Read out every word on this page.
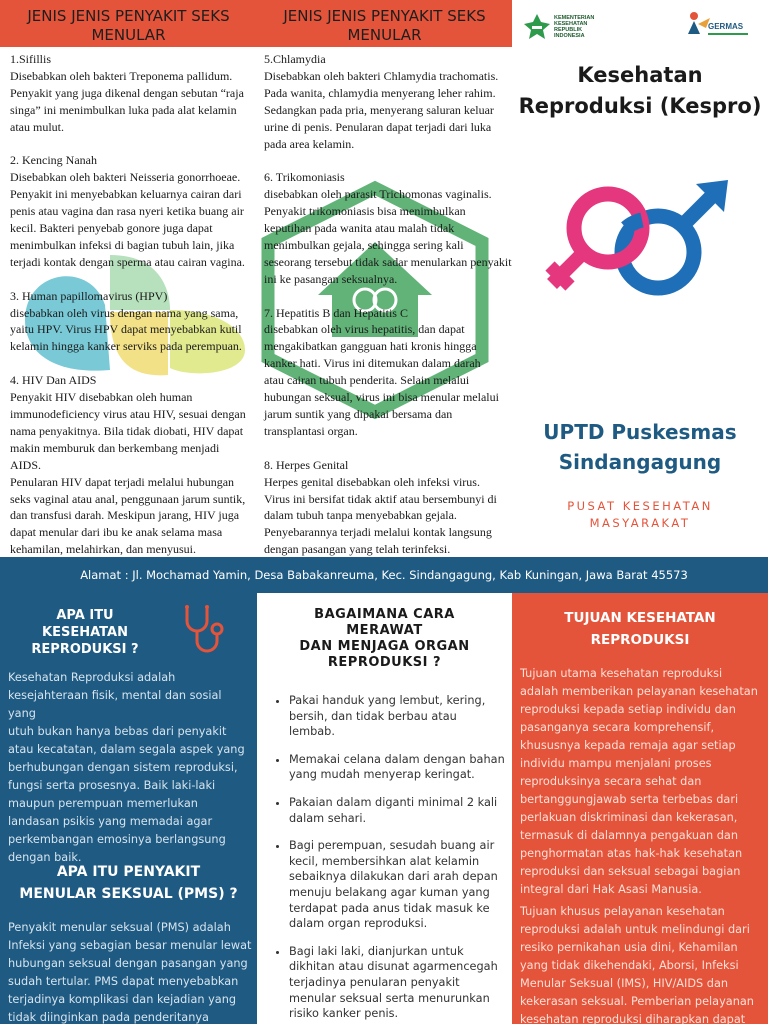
JENIS JENIS PENYAKIT SEKS MENULAR
JENIS JENIS PENYAKIT SEKS MENULAR
KEMENTERIAN KESEHATAN REPUBLIK INDONESIA
GERMAS

1.Sifillis
Disebabkan oleh bakteri Treponema pallidum.
Penyakit yang juga dikenal dengan sebutan “raja
singa” ini menimbulkan luka pada alat kelamin
atau mulut.

2. Kencing Nanah
Disebabkan oleh bakteri Neisseria gonorrhoeae.
Penyakit ini menyebabkan keluarnya cairan dari
penis atau vagina dan rasa nyeri ketika buang air
kecil. Bakteri penyebab gonore juga dapat
menimbulkan infeksi di bagian tubuh lain, jika
terjadi kontak dengan sperma atau cairan vagina.

3. Human papillomavirus (HPV)
disebabkan oleh virus dengan nama yang sama,
yaitu HPV. Virus HPV dapat menyebabkan kutil
kelamin hingga kanker serviks pada perempuan.

4. HIV Dan AIDS
Penyakit HIV disebabkan oleh human
immunodeficiency virus atau HIV, sesuai dengan
nama penyakitnya. Bila tidak diobati, HIV dapat
makin memburuk dan berkembang menjadi
AIDS.
Penularan HIV dapat terjadi melalui hubungan
seks vaginal atau anal, penggunaan jarum suntik,
dan transfusi darah. Meskipun jarang, HIV juga
dapat menular dari ibu ke anak selama masa
kehamilan, melahirkan, dan menyusui.

5.Chlamydia
Disebabkan oleh bakteri Chlamydia trachomatis.
Pada wanita, chlamydia menyerang leher rahim.
Sedangkan pada pria, menyerang saluran keluar
urine di penis. Penularan dapat terjadi dari luka
pada area kelamin.

6. Trikomoniasis
disebabkan oleh parasit Trichomonas vaginalis.
Penyakit trikomoniasis bisa menimbulkan
keputihan pada wanita atau malah tidak
menimbulkan gejala, sehingga sering kali
seseorang tersebut tidak sadar menularkan penyakit
ini ke pasangan seksualnya.

7. Hepatitis B dan Hepatitis C
disebabkan oleh virus hepatitis, dan dapat
mengakibatkan gangguan hati kronis hingga
kanker hati. Virus ini ditemukan dalam darah
atau cairan tubuh penderita. Selain melalui
hubungan seksual, virus ini bisa menular melalui
jarum suntik yang dipakai bersama dan
transplantasi organ.

8. Herpes Genital
Herpes genital disebabkan oleh infeksi virus.
Virus ini bersifat tidak aktif atau bersembunyi di
dalam tubuh tanpa menyebabkan gejala.
Penyebarannya terjadi melalui kontak langsung
dengan pasangan yang telah terinfeksi.

Kesehatan
Reproduksi (Kespro)
UPTD Puskesmas
Sindangagung
PUSAT KESEHATAN
MASYARAKAT
Alamat : Jl. Mochamad Yamin, Desa Babakanreuma, Kec. Sindangagung, Kab Kuningan, Jawa Barat 45573
APA ITU
KESEHATAN
REPRODUKSI ?
Kesehatan Reproduksi adalah
kesejahteraan fisik, mental dan sosial yang
utuh bukan hanya bebas dari penyakit
atau kecatatan, dalam segala aspek yang
berhubungan dengan sistem reproduksi,
fungsi serta prosesnya. Baik laki-laki
maupun perempuan memerlukan
landasan psikis yang memadai agar
perkembangan emosinya berlangsung
dengan baik.
APA ITU PENYAKIT
MENULAR SEKSUAL (PMS) ?
Penyakit menular seksual (PMS) adalah
Infeksi yang sebagian besar menular lewat
hubungan seksual dengan pasangan yang
sudah tertular. PMS dapat menyebabkan
terjadinya komplikasi dan kejadian yang
tidak diinginkan pada penderitanya
BAGAIMANA CARA
MERAWAT
DAN MENJAGA ORGAN
REPRODUKSI ?
• Pakai handuk yang lembut, kering,
bersih, dan tidak berbau atau
lembab.
• Memakai celana dalam dengan bahan
yang mudah menyerap keringat.
• Pakaian dalam diganti minimal 2 kali
dalam sehari.
• Bagi perempuan, sesudah buang air
kecil, membersihkan alat kelamin
sebaiknya dilakukan dari arah depan
menuju belakang agar kuman yang
terdapat pada anus tidak masuk ke
dalam organ reproduksi.
• Bagi laki laki, dianjurkan untuk
dikhitan atau disunat agarmencegah
terjadinya penularan penyakit
menular seksual serta menurunkan
risiko kanker penis.
TUJUAN KESEHATAN
REPRODUKSI
Tujuan utama kesehatan reproduksi
adalah memberikan pelayanan kesehatan
reproduksi kepada setiap individu dan
pasanganya secara komprehensif,
khususnya kepada remaja agar setiap
individu mampu menjalani proses
reproduksinya secara sehat dan
bertanggungjawab serta terbebas dari
perlakuan diskriminasi dan kekerasan,
termasuk di dalamnya pengakuan dan
penghormatan atas hak-hak kesehatan
reproduksi dan seksual sebagai bagian
integral dari Hak Asasi Manusia.
Tujuan khusus pelayanan kesehatan
reproduksi adalah untuk melindungi dari
resiko pernikahan usia dini, Kehamilan
yang tidak dikehendaki, Aborsi, Infeksi
Menular Seksual (IMS), HIV/AIDS dan
kekerasan seksual. Pemberian pelayanan
kesehatan reproduksi diharapkan dapat
